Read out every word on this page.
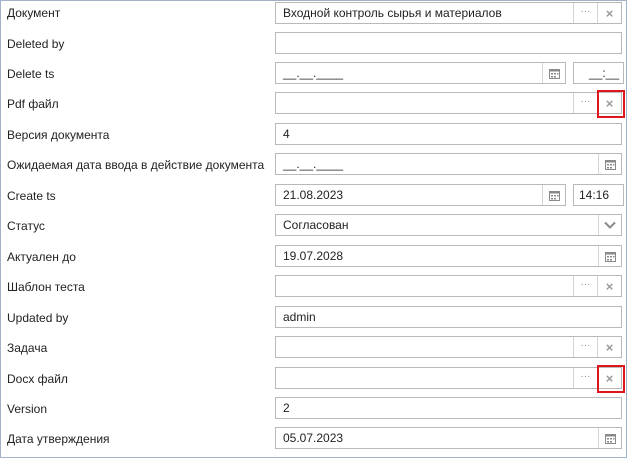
Документ	Входной контроль сырья и материалов	··· ×
Deleted by
Delete ts	__.__.____	__:__
Pdf файл	··· ×
Версия документа	4
Ожидаемая дата ввода в действие документа __.__.____
Create ts	21.08.2023	14:16
Статус	Согласован
Актуален до	19.07.2028
Шаблон теста	··· ×
Updated by	admin
Задача	··· ×
Docx файл	··· ×
Version	2
Дата утверждения	05.07.2023
